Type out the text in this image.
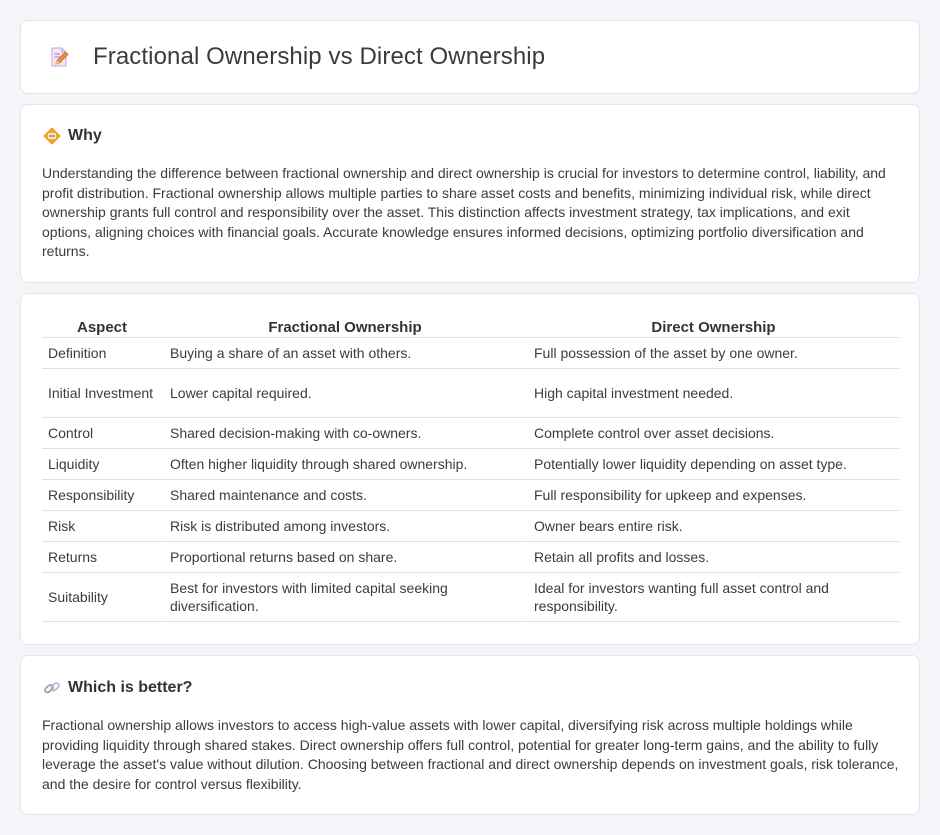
Fractional Ownership vs Direct Ownership
Why

Understanding the difference between fractional ownership and direct ownership is crucial for investors to determine control, liability, and profit distribution. Fractional ownership allows multiple parties to share asset costs and benefits, minimizing individual risk, while direct ownership grants full control and responsibility over the asset. This distinction affects investment strategy, tax implications, and exit options, aligning choices with financial goals. Accurate knowledge ensures informed decisions, optimizing portfolio diversification and returns.

Aspect	Fractional Ownership	Direct Ownership
Definition	Buying a share of an asset with others.	Full possession of the asset by one owner.
Initial Investment	Lower capital required.	High capital investment needed.
Control	Shared decision-making with co-owners.	Complete control over asset decisions.
Liquidity	Often higher liquidity through shared ownership.	Potentially lower liquidity depending on asset type.
Responsibility	Shared maintenance and costs.	Full responsibility for upkeep and expenses.
Risk	Risk is distributed among investors.	Owner bears entire risk.
Returns	Proportional returns based on share.	Retain all profits and losses.
Suitability	Best for investors with limited capital seeking diversification.	Ideal for investors wanting full asset control and responsibility.
Which is better?

Fractional ownership allows investors to access high-value assets with lower capital, diversifying risk across multiple holdings while providing liquidity through shared stakes. Direct ownership offers full control, potential for greater long-term gains, and the ability to fully leverage the asset's value without dilution. Choosing between fractional and direct ownership depends on investment goals, risk tolerance, and the desire for control versus flexibility.
